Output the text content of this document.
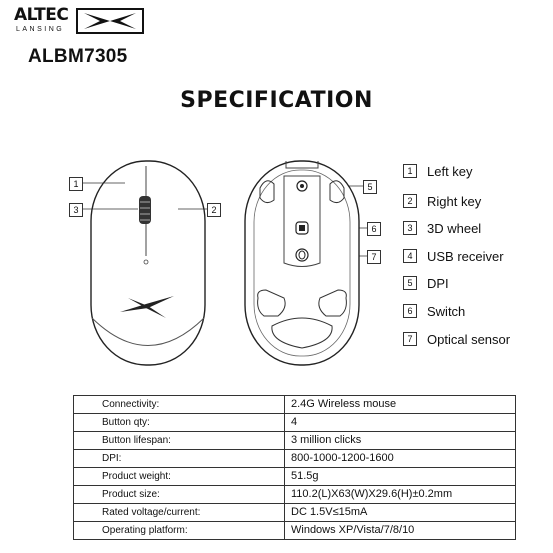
ALTEC
LANSING
ALBM7305
SPECIFICATION
1
3	2
5
6
7
1	Left key
2	Right key
3	3D wheel
4	USB receiver
5	DPI
6	Switch
7	Optical sensor
Connectivity:	2.4G Wireless mouse
Button qty:	4
Button lifespan:	3 million clicks
DPI:	800-1000-1200-1600
Product weight:	51.5g
Product size:	110.2(L)X63(W)X29.6(H)±0.2mm
Rated voltage/current:	DC 1.5V≤15mA
Operating platform:	Windows XP/Vista/7/8/10
